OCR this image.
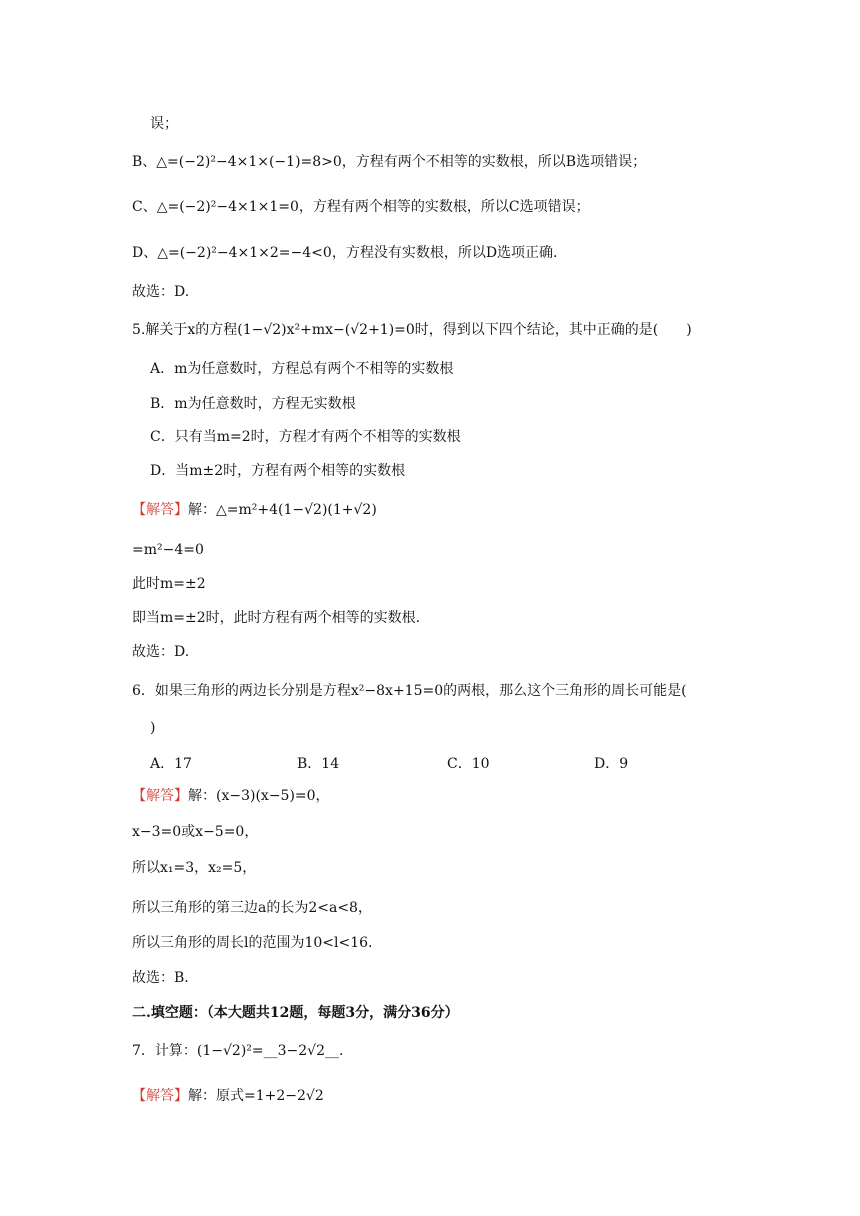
误；
B、△=(−2)²−4×1×(−1)=8>0，方程有两个不相等的实数根，所以B选项错误；
C、△=(−2)²−4×1×1=0，方程有两个相等的实数根，所以C选项错误；
D、△=(−2)²−4×1×2=−4<0，方程没有实数根，所以D选项正确.
故选：D.
5.解关于x的方程(1−√2)x²+mx−(√2+1)=0时，得到以下四个结论，其中正确的是(　　)
A．m为任意数时，方程总有两个不相等的实数根
B．m为任意数时，方程无实数根
C．只有当m=2时，方程才有两个不相等的实数根
D．当m±2时，方程有两个相等的实数根
【解答】解：△=m²+4(1−√2)(1+√2)
=m²−4=0
此时m=±2
即当m=±2时，此时方程有两个相等的实数根.
故选：D.
6．如果三角形的两边长分别是方程x²−8x+15=0的两根，那么这个三角形的周长可能是(
)
A．17	B．14	C．10	D．9
【解答】解：(x−3)(x−5)=0，
x−3=0或x−5=0，
所以x₁=3，x₂=5，
所以三角形的第三边a的长为2<a<8，
所以三角形的周长l的范围为10<l<16.
故选：B.
二.填空题：（本大题共12题，每题3分，满分36分）
7．计算：(1−√2)²=__3−2√2__.
【解答】解：原式=1+2−2√2
